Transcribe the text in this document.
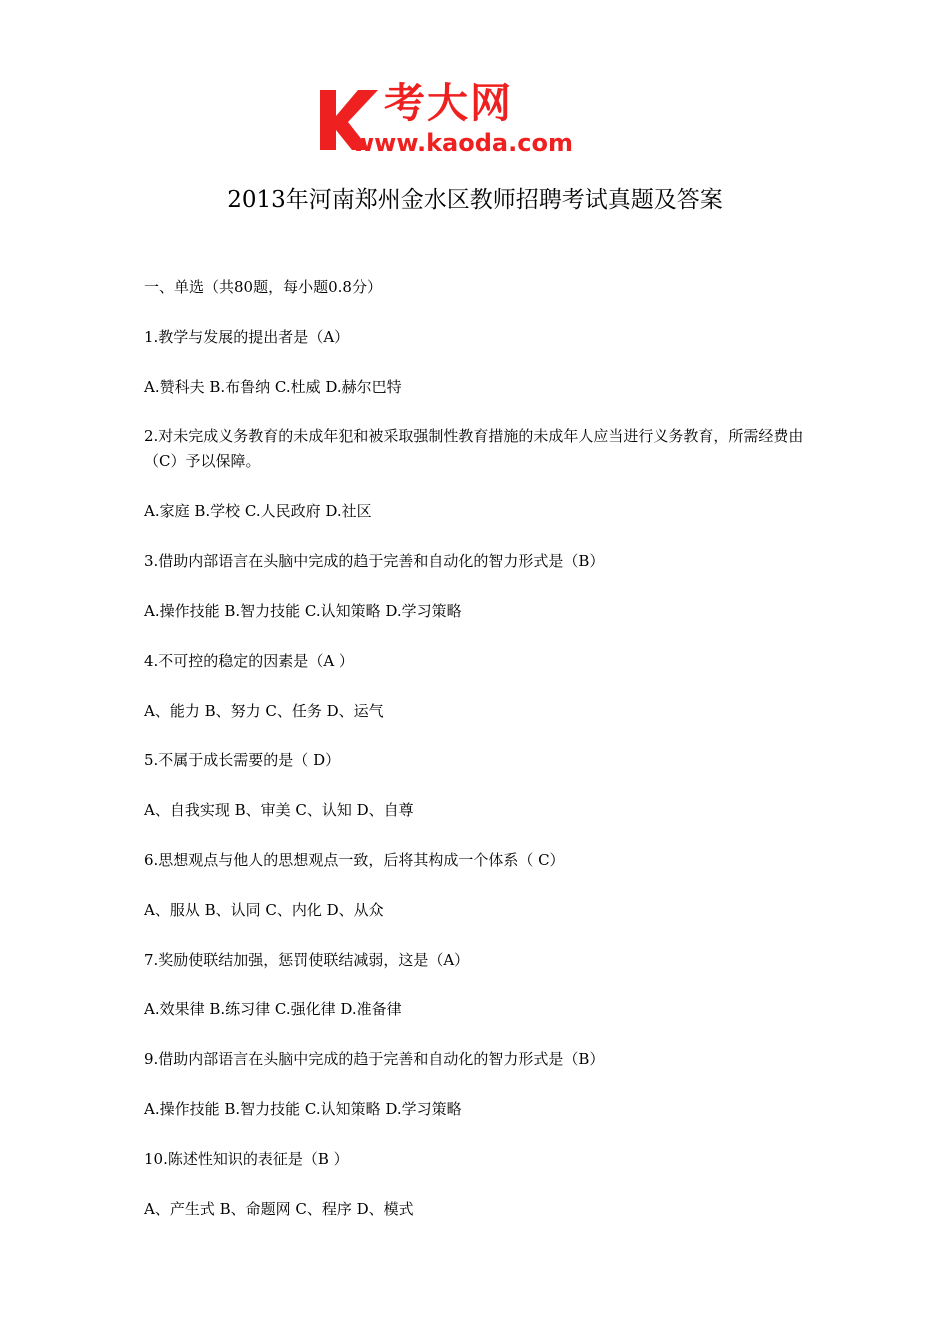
考大网
www.kaoda.com
2013年河南郑州金水区教师招聘考试真题及答案
一、单选（共80题，每小题0.8分）
1.教学与发展的提出者是（A）
A.赞科夫 B.布鲁纳 C.杜威 D.赫尔巴特
2.对未完成义务教育的未成年犯和被采取强制性教育措施的未成年人应当进行义务教育，所需经费由（C）予以保障。
A.家庭 B.学校 C.人民政府 D.社区
3.借助内部语言在头脑中完成的趋于完善和自动化的智力形式是（B）
A.操作技能 B.智力技能 C.认知策略 D.学习策略
4.不可控的稳定的因素是（A ）
A、能力 B、努力 C、任务 D、运气
5.不属于成长需要的是（ D）
A、自我实现 B、审美 C、认知 D、自尊
6.思想观点与他人的思想观点一致，后将其构成一个体系（ C）
A、服从 B、认同 C、内化 D、从众
7.奖励使联结加强，惩罚使联结减弱，这是（A）
A.效果律 B.练习律 C.强化律 D.准备律
9.借助内部语言在头脑中完成的趋于完善和自动化的智力形式是（B）
A.操作技能 B.智力技能 C.认知策略 D.学习策略
10.陈述性知识的表征是（B ）
A、产生式 B、命题网 C、程序 D、模式
